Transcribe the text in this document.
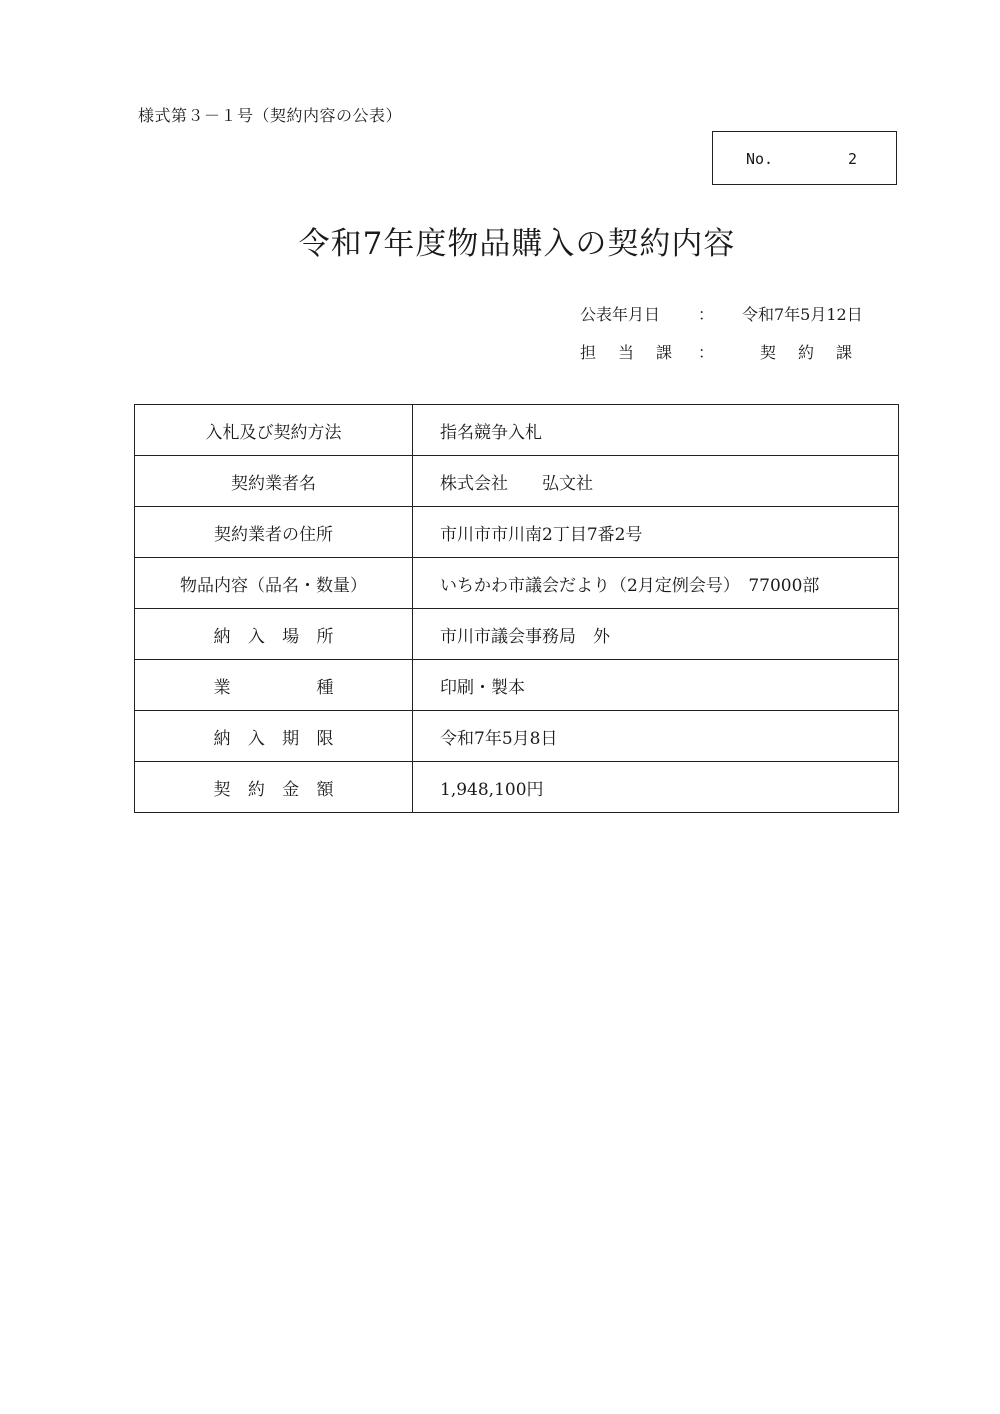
様式第３－１号（契約内容の公表）
No.	2
令和7年度物品購入の契約内容
公表年月日	： 令和7年5月12日
担 当 課 ：	契 約 課
入札及び契約方法	指名競争入札
契約業者名	株式会社　　弘文社
契約業者の住所	市川市市川南2丁目7番2号
物品内容（品名・数量）	いちかわ市議会だより（2月定例会号）　77000部

納 入 場 所	市川市議会事務局　外

業 種	印刷・製本

納 入 期 限	令和7年5月8日

契 約 金 額	1,948,100円
